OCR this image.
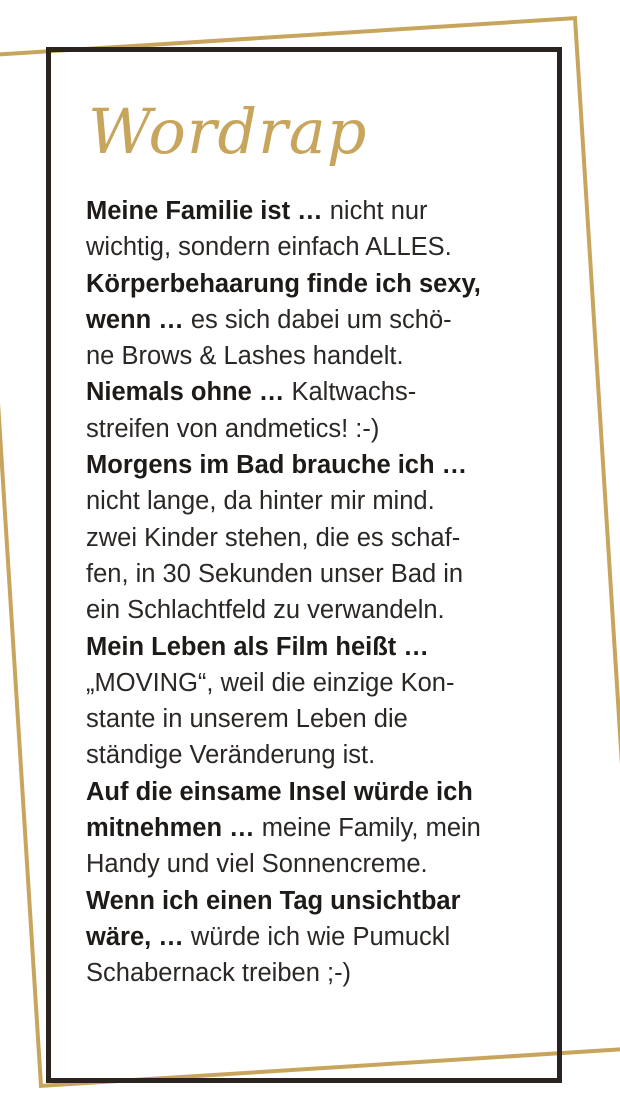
Wordrap
Meine Familie ist … nicht nur
wichtig, sondern einfach ALLES.
Körperbehaarung finde ich sexy,
wenn … es sich dabei um schö-
ne Brows & Lashes handelt.
Niemals ohne … Kaltwachs-
streifen von andmetics! :-)
Morgens im Bad brauche ich …
nicht lange, da hinter mir mind.
zwei Kinder stehen, die es schaf-
fen, in 30 Sekunden unser Bad in
ein Schlachtfeld zu verwandeln.
Mein Leben als Film heißt …
„MOVING“, weil die einzige Kon-
stante in unserem Leben die
ständige Veränderung ist.
Auf die einsame Insel würde ich
mitnehmen … meine Family, mein
Handy und viel Sonnencreme.
Wenn ich einen Tag unsichtbar
wäre, … würde ich wie Pumuckl
Schabernack treiben ;-)
